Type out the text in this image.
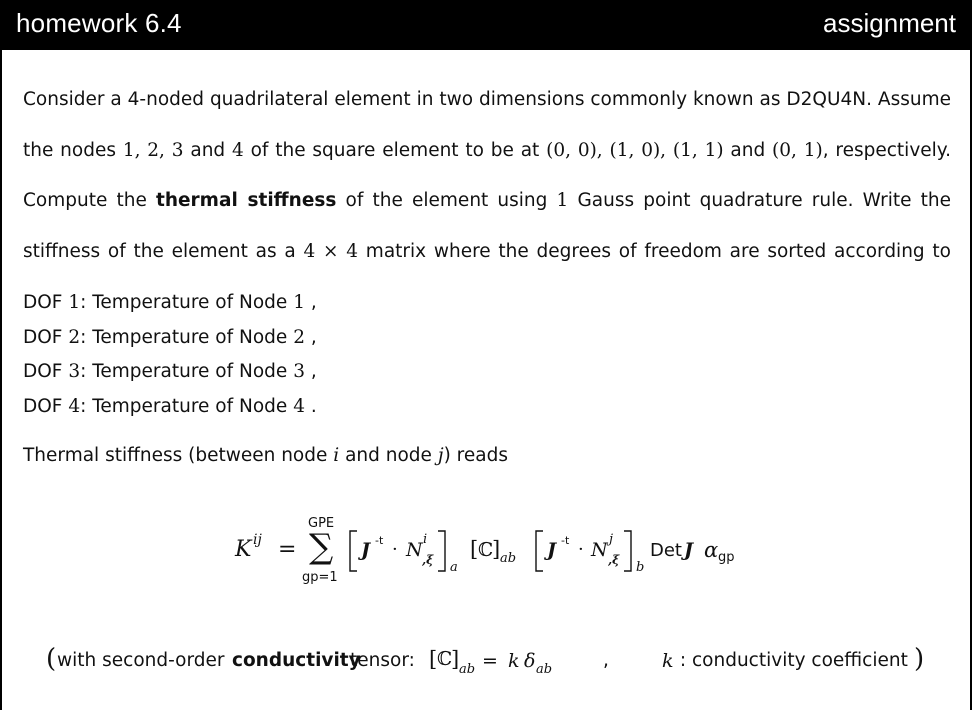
homework 6.4	assignment

Consider a 4-noded quadrilateral element in two dimensions commonly known as D2QU4N. Assume

the nodes 1, 2, 3 and 4 of the square element to be at (0, 0), (1, 0), (1, 1) and (0, 1), respectively.

Compute the thermal stiffness of the element using 1 Gauss point quadrature rule. Write the

stiffness of the element as a 4 × 4 matrix where the degrees of freedom are sorted according to

DOF 1: Temperature of Node 1 ,
DOF 2: Temperature of Node 2 ,
DOF 3: Temperature of Node 3 ,
DOF 4: Temperature of Node 4 .
Thermal stiffness (between node i and node j) reads
K ij =
GPE
∑
gp=1
J -t · N i
,ξ a
[ ℂ
] ab J -t · N j
,ξ b
Det J α gp
( with second-order conductivity
tensor: [ ℂ
] ab = k δ ab	,	k : conductivity coefficient )
